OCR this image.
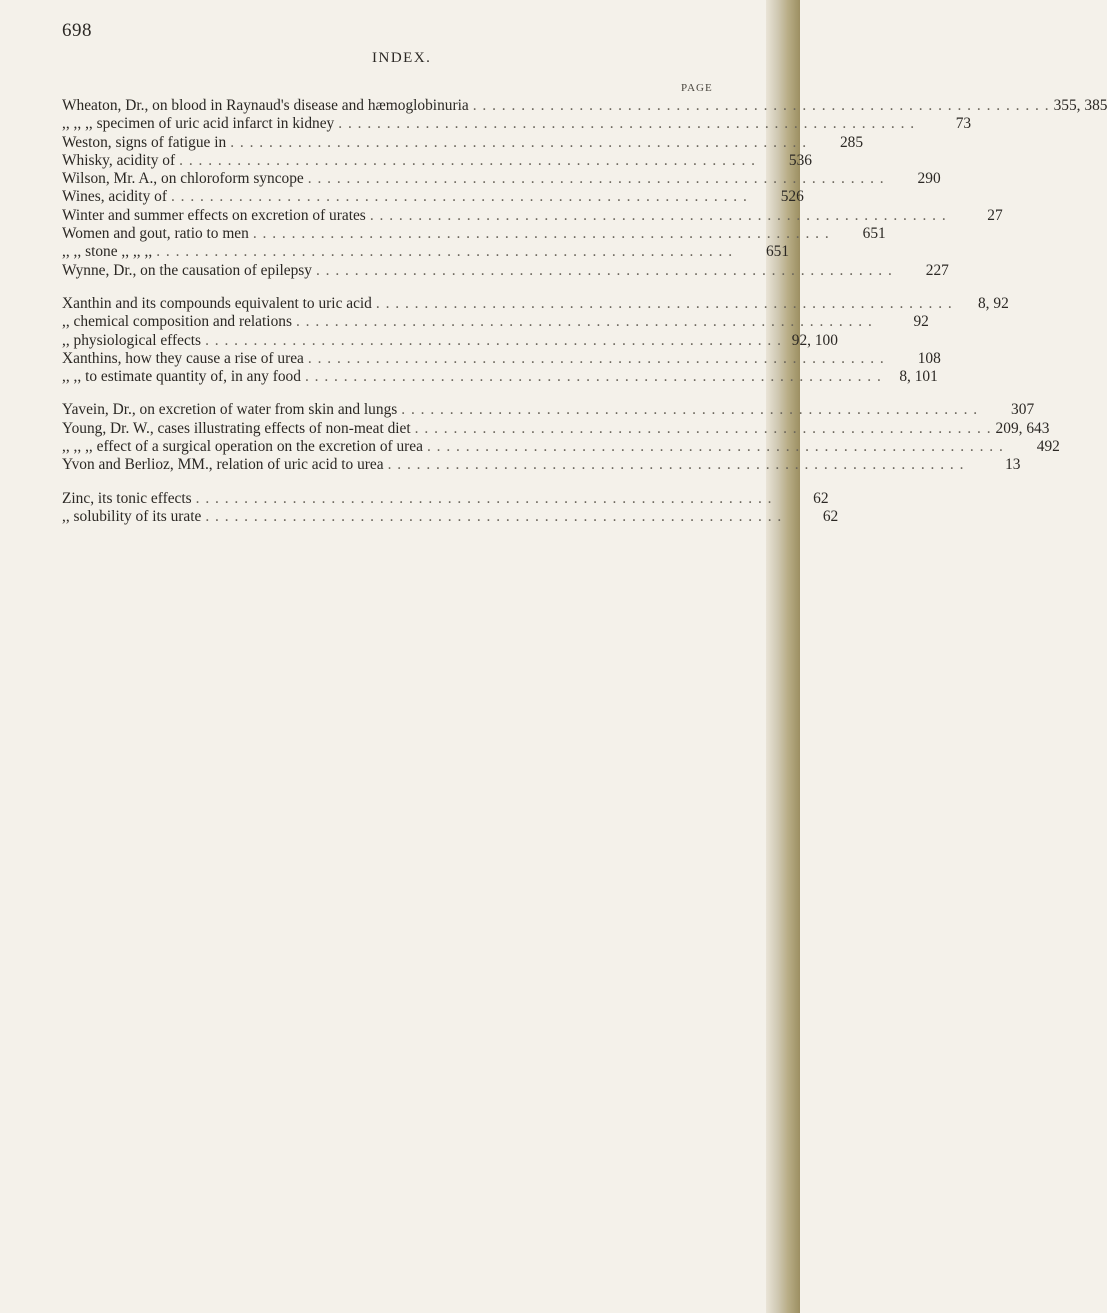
698
INDEX.
PAGE
Wheaton, Dr., on blood in Raynaud's disease and hæmoglobinuria . . .	355, 385
,, ,, ,, specimen of uric acid infarct in kidney . . .	73
Weston, signs of fatigue in . . .	285
Whisky, acidity of . . .	536
Wilson, Mr. A., on chloroform syncope . . .	290
Wines, acidity of . . .	526
Winter and summer effects on excretion of urates . . .	27
Women and gout, ratio to men . . .	651
,, ,, stone ,, ,, ,, . . .	651
Wynne, Dr., on the causation of epilepsy . . .	227
Xanthin and its compounds equivalent to uric acid . . .	8, 92
,, chemical composition and relations . . .	92
,, physiological effects . . .	92, 100
Xanthins, how they cause a rise of urea . . .	108
,, ,, to estimate quantity of, in any food . . .	8, 101
Yavein, Dr., on excretion of water from skin and lungs . . .	307
Young, Dr. W., cases illustrating effects of non-meat diet . . .	209, 643
,, ,, ,, effect of a surgical operation on the excretion of urea . . .	492
Yvon and Berlioz, MM., relation of uric acid to urea . . .	13
Zinc, its tonic effects . . .	62
,, solubility of its urate . . .	62
